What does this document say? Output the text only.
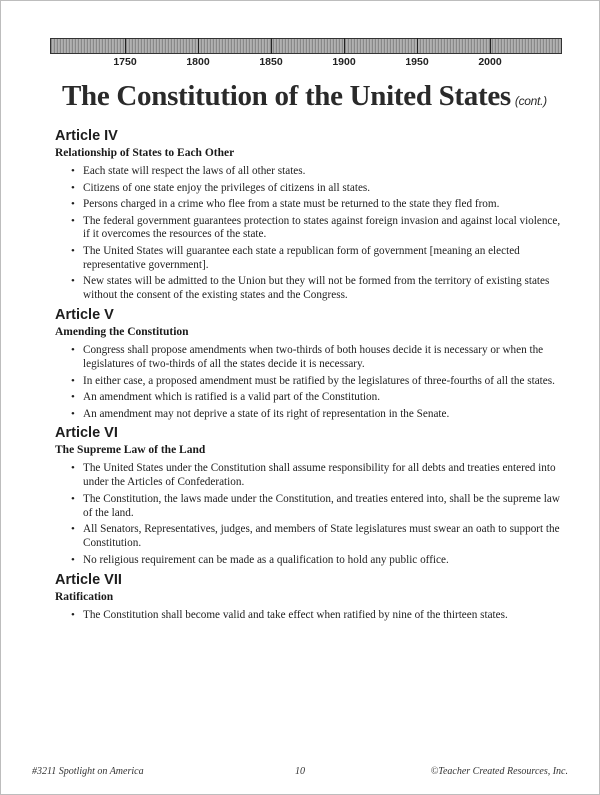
1750	1800	1850	1900	1950	2000
The Constitution of the United States (cont.)
Article IV
Relationship of States to Each Other
• Each state will respect the laws of all other states.
• Citizens of one state enjoy the privileges of citizens in all states.
• Persons charged in a crime who flee from a state must be returned to the state they fled from.
• The federal government guarantees protection to states against foreign invasion and against local violence, if it overcomes the resources of the state.
• The United States will guarantee each state a republican form of government [meaning an elected representative government].
• New states will be admitted to the Union but they will not be formed from the territory of existing states without the consent of the existing states and the Congress.
Article V
Amending the Constitution
• Congress shall propose amendments when two-thirds of both houses decide it is necessary or when the legislatures of two-thirds of all the states decide it is necessary.
• In either case, a proposed amendment must be ratified by the legislatures of three-fourths of all the states.
• An amendment which is ratified is a valid part of the Constitution.
• An amendment may not deprive a state of its right of representation in the Senate.
Article VI
The Supreme Law of the Land
• The United States under the Constitution shall assume responsibility for all debts and treaties entered into under the Articles of Confederation.
• The Constitution, the laws made under the Constitution, and treaties entered into, shall be the supreme law of the land.
• All Senators, Representatives, judges, and members of State legislatures must swear an oath to support the Constitution.
• No religious requirement can be made as a qualification to hold any public office.
Article VII
Ratification
• The Constitution shall become valid and take effect when ratified by nine of the thirteen states.
#3211 Spotlight on America	10	©Teacher Created Resources, Inc.
